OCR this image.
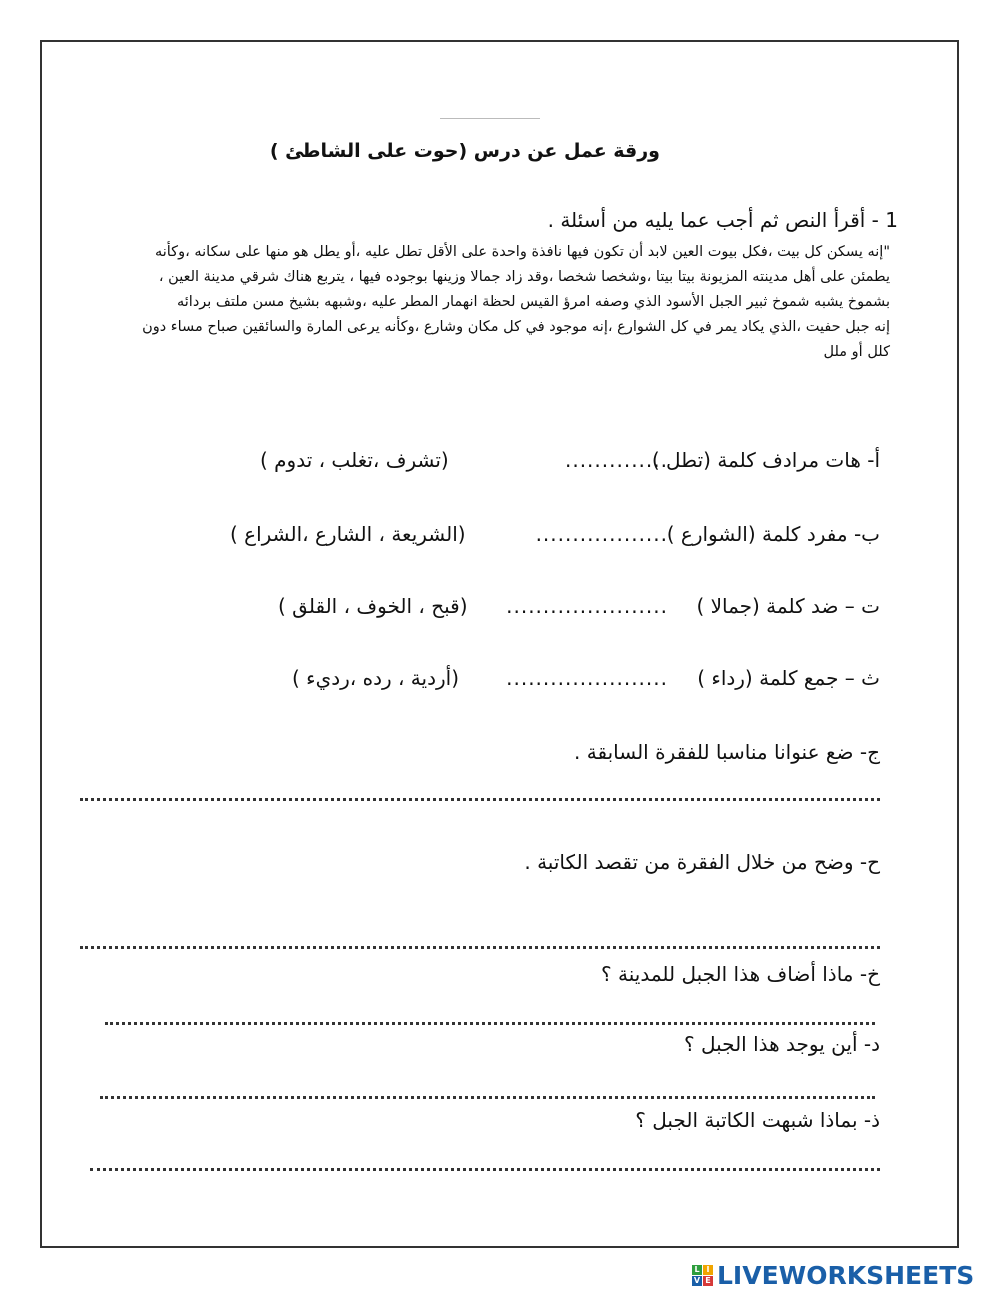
ورقة عمل عن درس (حوت على الشاطئ )
1 - أقرأ النص ثم أجب عما يليه من أسئلة .
"إنه يسكن كل بيت ،فكل بيوت العين لابد أن تكون فيها نافذة واحدة على الأقل تطل عليه ،أو يطل هو منها على سكانه ،وكأنه
يطمئن على أهل مدينته المزيونة بيتا بيتا ،وشخصا شخصا ،وقد زاد جمالا وزينها بوجوده فيها ، يتربع هناك شرقي مدينة العين ،
بشموخ يشبه شموخ ثبير الجبل الأسود الذي وصفه امرؤ القيس لحظة انهمار المطر عليه ،وشبهه بشيخ مسن ملتف بردائه
إنه جبل حفيت ،الذي يكاد يمر في كل الشوارع ،إنه موجود في كل مكان وشارع ،وكأنه يرعى المارة والسائقين صباح مساء دون
كلل أو ملل
أ- هات مرادف كلمة (تطل )
..............
(تشرف ،تغلب ، تدوم )
ب- مفرد كلمة (الشوارع )
..................
(الشريعة ، الشارع ،الشراع )
ت – ضد كلمة (جمالا )
......................
(قبح ، الخوف ، القلق )
ث – جمع كلمة (رداء )
......................
(أردية ، رده ،رديء )
ج- ضع عنوانا مناسبا للفقرة السابقة .
ح- وضح من خلال الفقرة من تقصد الكاتبة .
خ- ماذا أضاف هذا الجبل للمدينة ؟
د- أين يوجد هذا الجبل ؟
ذ- بماذا شبهت الكاتبة الجبل ؟
L I
V E LIVEWORKSHEETS
